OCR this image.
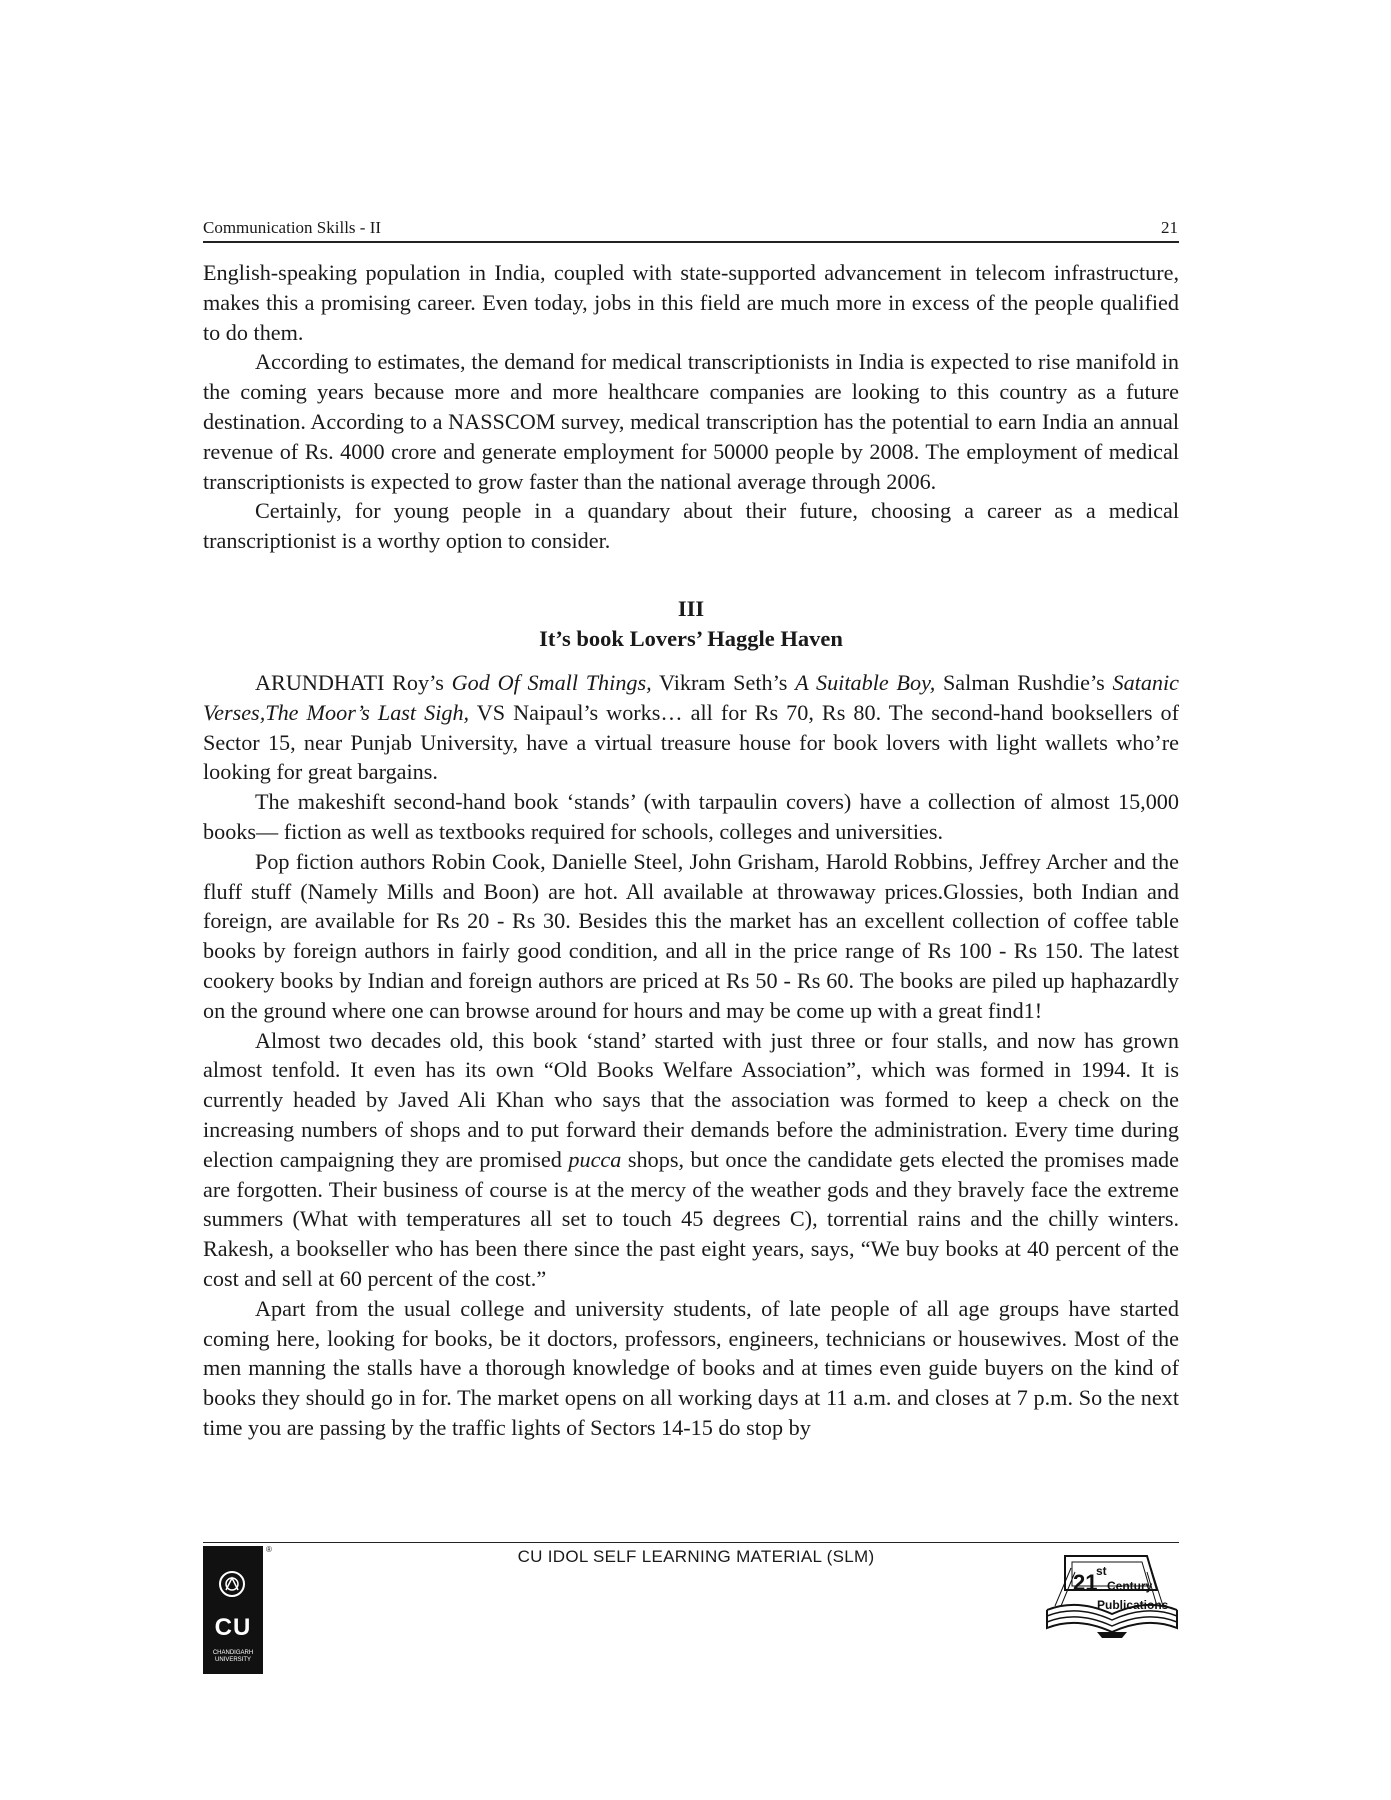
Communication Skills - II	21

English-speaking population in India, coupled with state-supported advancement in telecom infrastructure, makes this a promising career. Even today, jobs in this field are much more in excess of the people qualified to do them.

According to estimates, the demand for medical transcriptionists in India is expected to rise manifold in the coming years because more and more healthcare companies are looking to this country as a future destination. According to a NASSCOM survey, medical transcription has the potential to earn India an annual revenue of Rs. 4000 crore and generate employment for 50000 people by 2008. The employment of medical transcriptionists is expected to grow faster than the national average through 2006.

Certainly, for young people in a quandary about their future, choosing a career as a medical transcriptionist is a worthy option to consider.

III
It’s book Lovers’ Haggle Haven

ARUNDHATI Roy’s God Of Small Things, Vikram Seth’s A Suitable Boy, Salman Rushdie’s Satanic Verses,The Moor’s Last Sigh, VS Naipaul’s works… all for Rs 70, Rs 80. The second-hand booksellers of Sector 15, near Punjab University, have a virtual treasure house for book lovers with light wallets who’re looking for great bargains.

The makeshift second-hand book ‘stands’ (with tarpaulin covers) have a collection of almost 15,000 books— fiction as well as textbooks required for schools, colleges and universities.

Pop fiction authors Robin Cook, Danielle Steel, John Grisham, Harold Robbins, Jeffrey Archer and the fluff stuff (Namely Mills and Boon) are hot. All available at throwaway prices.Glossies, both Indian and foreign, are available for Rs 20 - Rs 30. Besides this the market has an excellent collection of coffee table books by foreign authors in fairly good condition, and all in the price range of Rs 100 - Rs 150. The latest cookery books by Indian and foreign authors are priced at Rs 50 - Rs 60. The books are piled up haphazardly on the ground where one can browse around for hours and may be come up with a great find1!

Almost two decades old, this book ‘stand’ started with just three or four stalls, and now has grown almost tenfold. It even has its own “Old Books Welfare Association”, which was formed in 1994. It is currently headed by Javed Ali Khan who says that the association was formed to keep a check on the increasing numbers of shops and to put forward their demands before the administration. Every time during election campaigning they are promised pucca shops, but once the candidate gets elected the promises made are forgotten. Their business of course is at the mercy of the weather gods and they bravely face the extreme summers (What with temperatures all set to touch 45 degrees C), torrential rains and the chilly winters. Rakesh, a bookseller who has been there since the past eight years, says, “We buy books at 40 percent of the cost and sell at 60 percent of the cost.”

Apart from the usual college and university students, of late people of all age groups have started coming here, looking for books, be it doctors, professors, engineers, technicians or housewives. Most of the men manning the stalls have a thorough knowledge of books and at times even guide buyers on the kind of books they should go in for. The market opens on all working days at 11 a.m. and closes at 7 p.m. So the next time you are passing by the traffic lights of Sectors 14-15 do stop by

CU IDOL SELF LEARNING MATERIAL (SLM)
CU
CHANDIGARH
UNIVERSITY
®
21
st
Century
Publications
